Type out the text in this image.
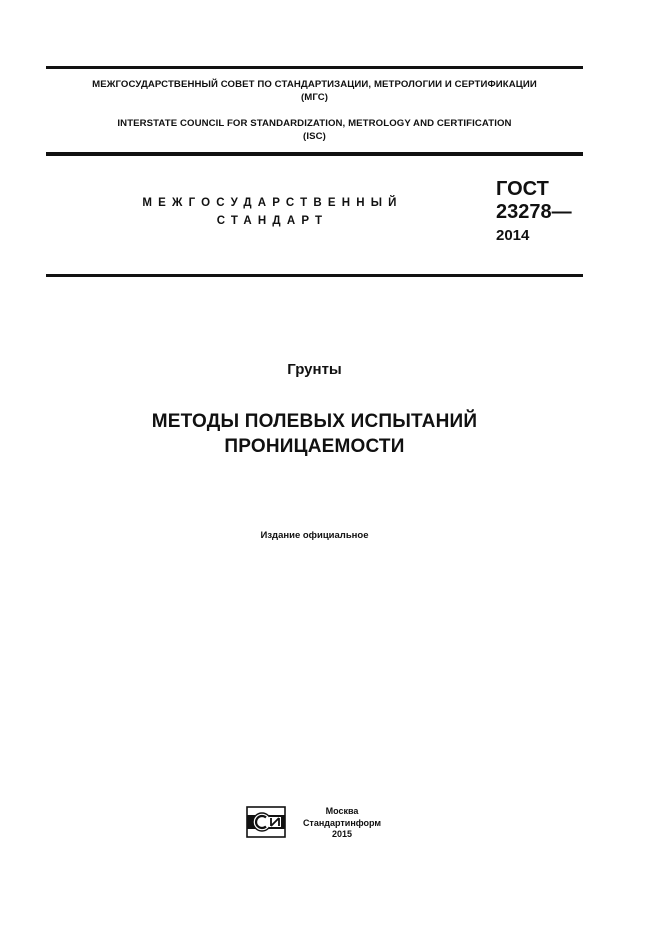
МЕЖГОСУДАРСТВЕННЫЙ СОВЕТ ПО СТАНДАРТИЗАЦИИ, МЕТРОЛОГИИ И СЕРТИФИКАЦИИ
(МГС)
INTERSTATE COUNCIL FOR STANDARDIZATION, METROLOGY AND CERTIFICATION
(ISC)
МЕЖГОСУДАРСТВЕННЫЙ
СТАНДАРТ
ГОСТ
23278—
2014
Грунты
МЕТОДЫ ПОЛЕВЫХ ИСПЫТАНИЙ
ПРОНИЦАЕМОСТИ
Издание официальное
Москва
Стандартинформ
2015
